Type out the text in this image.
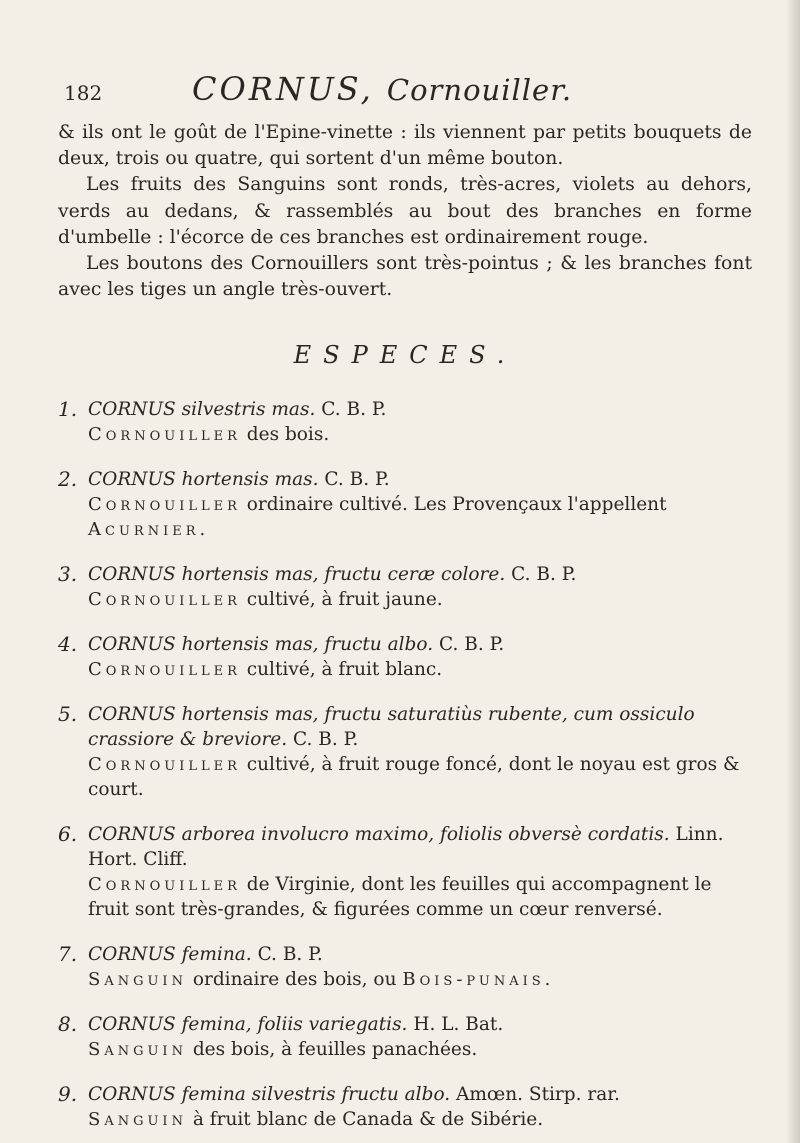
182	CORNUS, Cornouiller.

& ils ont le goût de l'Epine-vinette : ils viennent par petits bouquets de deux, trois ou quatre, qui sortent d'un même bouton.

Les fruits des Sanguins sont ronds, très-acres, violets au dehors, verds au dedans, & rassemblés au bout des branches en forme d'umbelle : l'écorce de ces branches est ordinairement rouge.

Les boutons des Cornouillers sont très-pointus ; & les branches font avec les tiges un angle très-ouvert.

ESPECES.
1. CORNUS silvestris mas. C. B. P.
Cornouiller des bois.
2. CORNUS hortensis mas. C. B. P.
Cornouiller ordinaire cultivé. Les Provençaux l'appellent
Acurnier.
3. CORNUS hortensis mas, fructu ceræ colore. C. B. P.
Cornouiller cultivé, à fruit jaune.
4. CORNUS hortensis mas, fructu albo. C. B. P.
Cornouiller cultivé, à fruit blanc.
5. CORNUS hortensis mas, fructu saturatiùs rubente, cum ossiculo crassiore & breviore. C. B. P.
Cornouiller cultivé, à fruit rouge foncé, dont le noyau est gros & court.
6. CORNUS arborea involucro maximo, foliolis obversè cordatis. Linn. Hort. Cliff.
Cornouiller de Virginie, dont les feuilles qui accompagnent le fruit sont très-grandes, & figurées comme un cœur renversé.
7. CORNUS femina. C. B. P.
Sanguin ordinaire des bois, ou Bois-punais.
8. CORNUS femina, foliis variegatis. H. L. Bat.
Sanguin des bois, à feuilles panachées.
9. CORNUS femina silvestris fructu albo. Amœn. Stirp. rar.
Sanguin à fruit blanc de Canada & de Sibérie.
